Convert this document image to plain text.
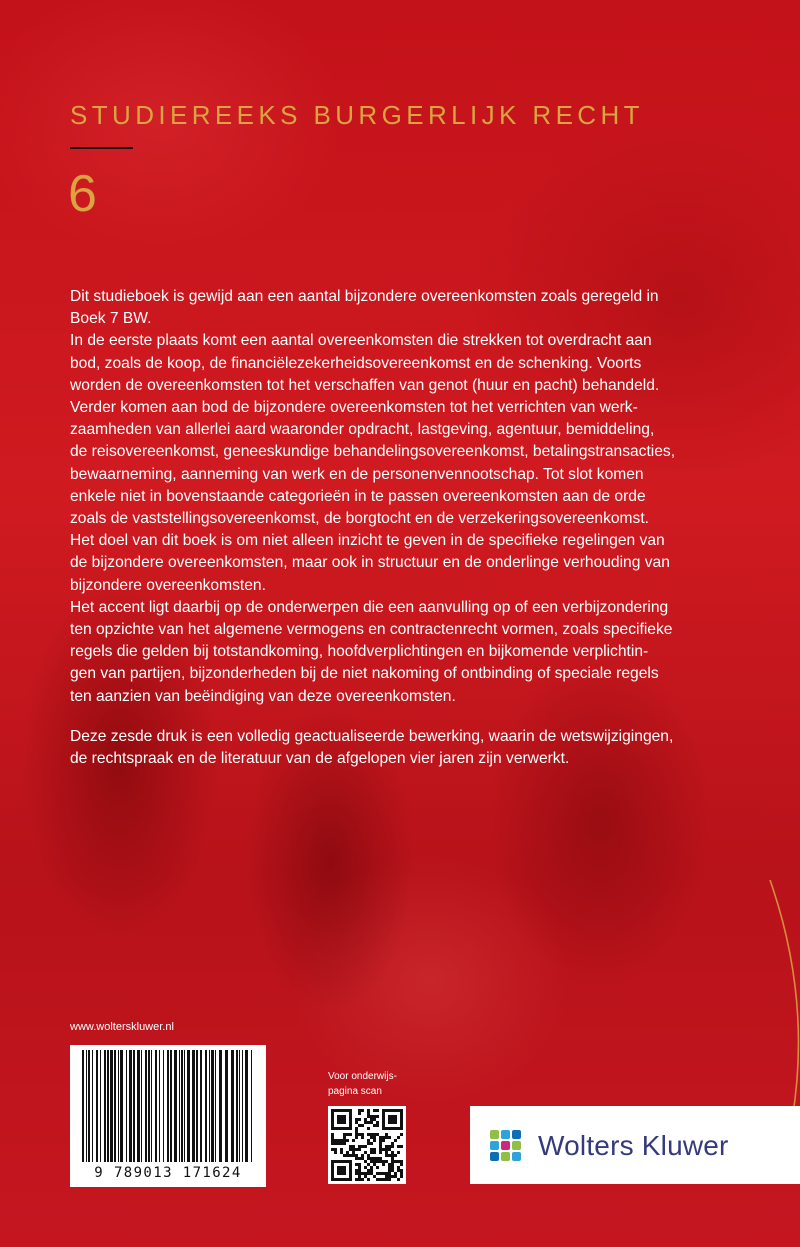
STUDIEREEKS BURGERLIJK RECHT
6

Dit studieboek is gewijd aan een aantal bijzondere overeenkomsten zoals geregeld in

Boek 7 BW.

In de eerste plaats komt een aantal overeenkomsten die strekken tot overdracht aan

bod, zoals de koop, de financiëlezekerheidsovereenkomst en de schenking. Voorts

worden de overeenkomsten tot het verschaffen van genot (huur en pacht) behandeld.

Verder komen aan bod de bijzondere overeenkomsten tot het verrichten van werk-

zaamheden van allerlei aard waaronder opdracht, lastgeving, agentuur, bemiddeling,

de reisovereenkomst, geneeskundige behandelingsovereenkomst, betalingstransacties,

bewaarneming, aanneming van werk en de personenvennootschap. Tot slot komen

enkele niet in bovenstaande categorieën in te passen overeenkomsten aan de orde

zoals de vaststellingsovereenkomst, de borgtocht en de verzekeringsovereenkomst.

Het doel van dit boek is om niet alleen inzicht te geven in de specifieke regelingen van

de bijzondere overeenkomsten, maar ook in structuur en de onderlinge verhouding van

bijzondere overeenkomsten.

Het accent ligt daarbij op de onderwerpen die een aanvulling op of een verbijzondering

ten opzichte van het algemene vermogens en contractenrecht vormen, zoals specifieke

regels die gelden bij totstandkoming, hoofdverplichtingen en bijkomende verplichtin-

gen van partijen, bijzonderheden bij de niet nakoming of ontbinding of speciale regels

ten aanzien van beëindiging van deze overeenkomsten.

Deze zesde druk is een volledig geactualiseerde bewerking, waarin de wetswijzigingen,

de rechtspraak en de literatuur van de afgelopen vier jaren zijn verwerkt.

www.wolterskluwer.nl
9 789013 171624
Voor onderwijs-
pagina scan
Wolters Kluwer
